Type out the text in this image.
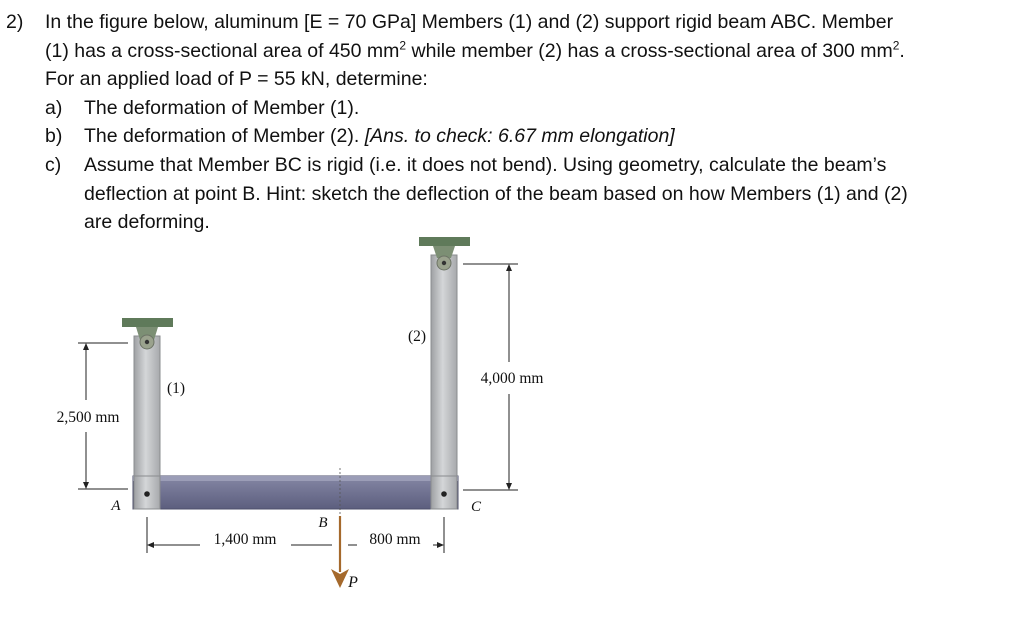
2) In the figure below, aluminum [E = 70 GPa] Members (1) and (2) support rigid beam ABC. Member
(1) has a cross-sectional area of 450 $mm^2$ while member (2) has a cross-sectional area of 300 $mm^2$.
For an applied load of P = 55 kN, determine:
a) The deformation of Member (1).
b) The deformation of Member (2). [Ans. to check: 6.67 mm elongation]
c) Assume that Member BC is rigid (i.e. it does not bend). Using geometry, calculate the beam’s
deflection at point B. Hint: sketch the deflection of the beam based on how Members (1) and (2)
are deforming.
2,500 mm
4,000 mm
(1)
(2)
A	C
B
1,400 mm	800 mm
P
